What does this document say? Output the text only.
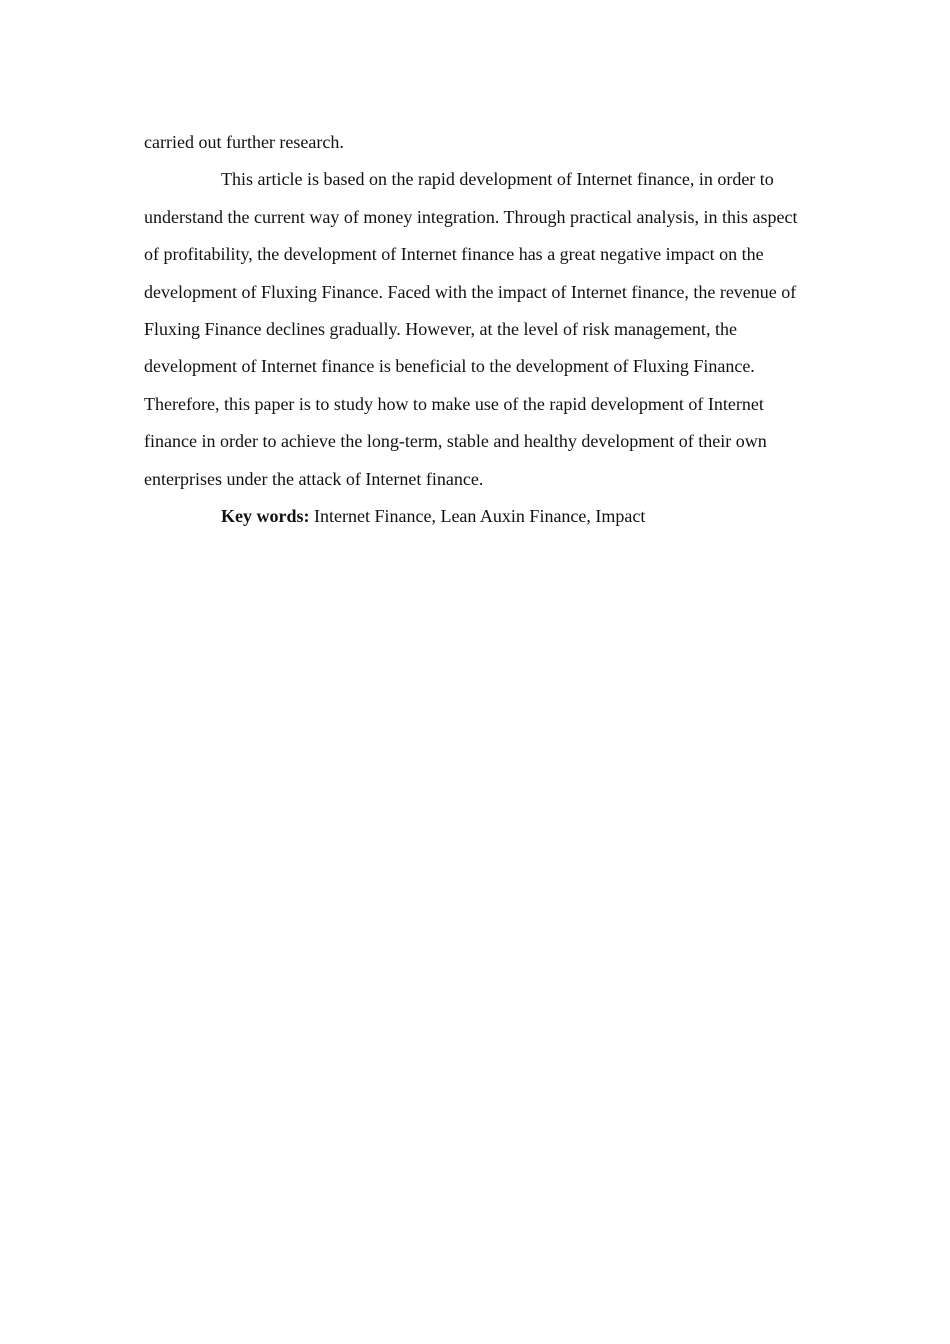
carried out further research.

This article is based on the rapid development of Internet finance, in order to understand the current way of money integration. Through practical analysis, in this aspect of profitability, the development of Internet finance has a great negative impact on the development of Fluxing Finance. Faced with the impact of Internet finance, the revenue of Fluxing Finance declines gradually. However, at the level of risk management, the development of Internet finance is beneficial to the development of Fluxing Finance. Therefore, this paper is to study how to make use of the rapid development of Internet finance in order to achieve the long-term, stable and healthy development of their own enterprises under the attack of Internet finance.

Key words: Internet Finance, Lean Auxin Finance, Impact
